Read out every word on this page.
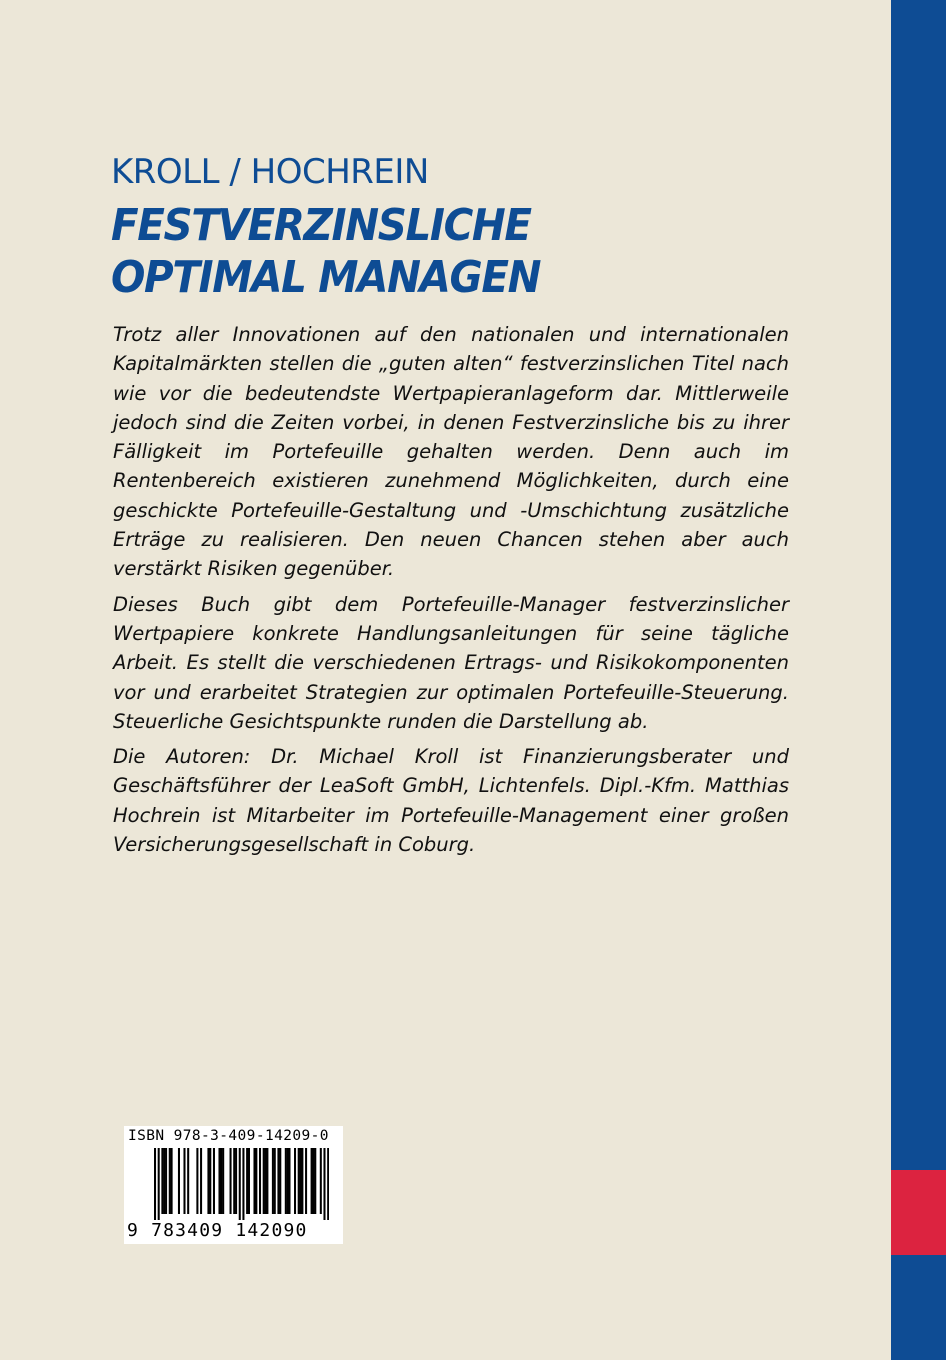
KROLL / HOCHREIN
FESTVERZINSLICHE
OPTIMAL MANAGEN

Trotz aller Innovationen auf den nationalen und internationalen Kapitalmärkten stellen die „guten alten“ festverzinslichen Titel nach wie vor die bedeutendste Wertpapieranlageform dar. Mittlerweile jedoch sind die Zeiten vorbei, in denen Festverzinsliche bis zu ihrer Fälligkeit im Portefeuille gehalten werden. Denn auch im Rentenbereich existieren zunehmend Möglichkeiten, durch eine geschickte Portefeuille-Gestaltung und -Umschichtung zusätzliche Erträge zu realisieren. Den neuen Chancen stehen aber auch verstärkt Risiken gegenüber.

Dieses Buch gibt dem Portefeuille-Manager festverzinslicher Wertpapiere konkrete Handlungsanleitungen für seine tägliche Arbeit. Es stellt die verschiedenen Ertrags- und Risikokomponenten vor und erarbeitet Strategien zur optimalen Portefeuille-Steuerung. Steuerliche Gesichtspunkte runden die Darstellung ab.

Die Autoren: Dr. Michael Kroll ist Finanzierungsberater und Geschäftsführer der LeaSoft GmbH, Lichtenfels. Dipl.-Kfm. Matthias Hochrein ist Mitarbeiter im Portefeuille-Management einer großen Versicherungsgesellschaft in Coburg.

ISBN 978-3-409-14209-0
9 783409 142090
